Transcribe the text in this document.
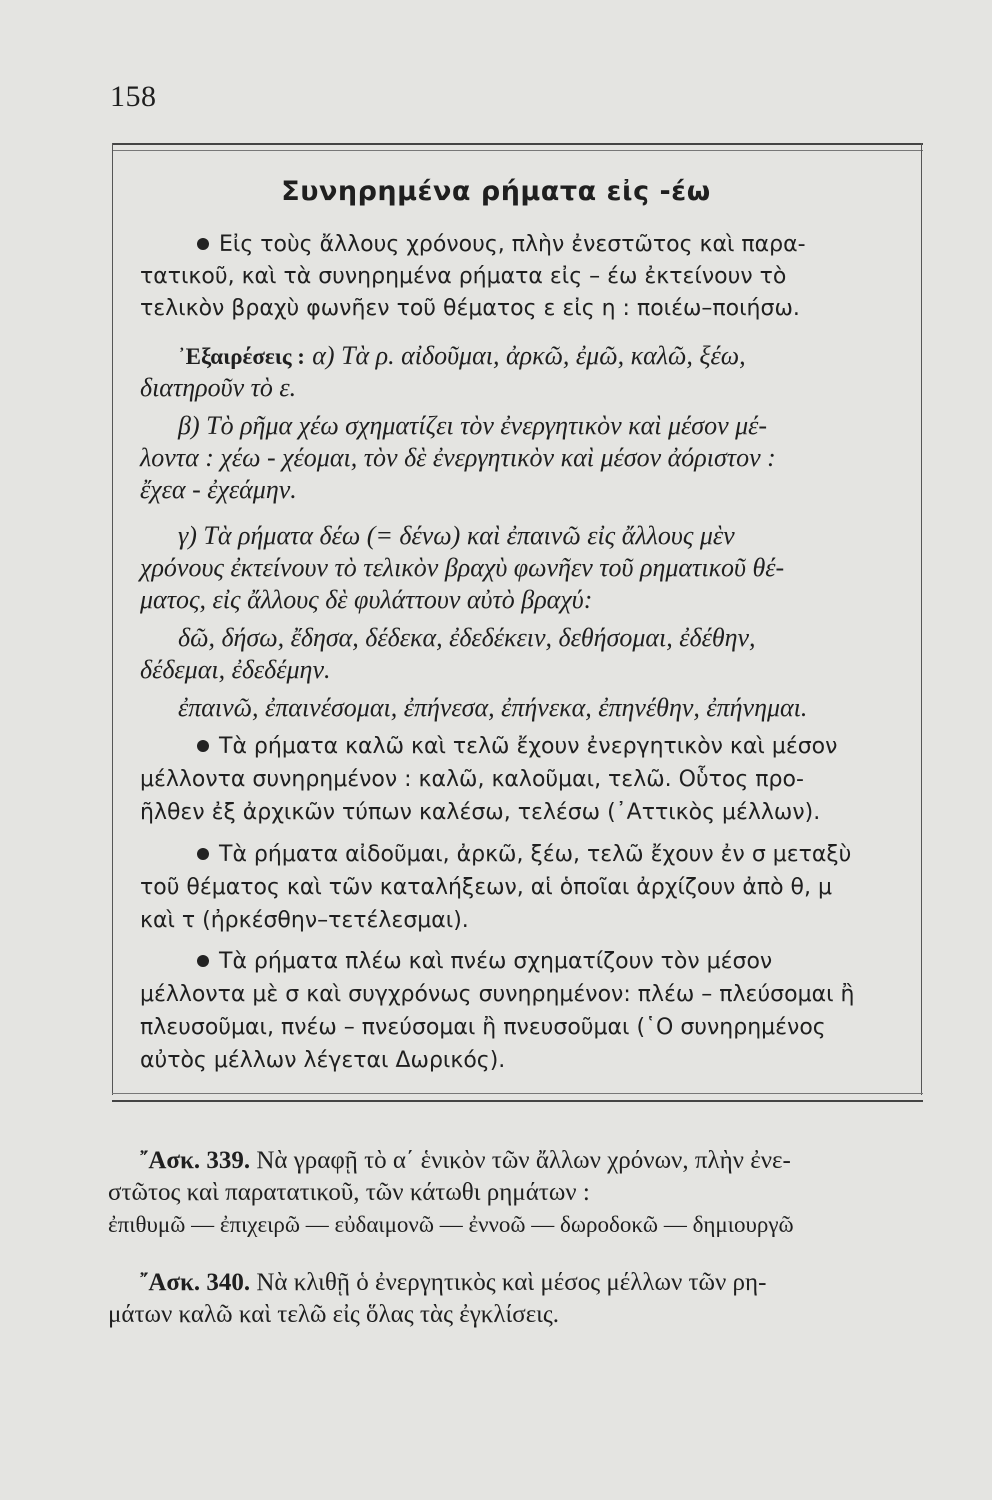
158
Συνηρημένα ρήματα εἰς -έω
Εἰς τοὺς ἄλλους χρόνους, πλὴν ἐνεστῶτος καὶ παρα-
τατικοῦ, καὶ τὰ συνηρημένα ρήματα εἰς – έω ἐκτείνουν τὸ
τελικὸν βραχὺ φωνῆεν τοῦ θέματος ε εἰς η : ποιέω–ποιήσω.
᾿Εξαιρέσεις : α) Τὰ ρ. αἰδοῦμαι, ἀρκῶ, ἐμῶ, καλῶ, ξέω,
διατηροῦν τὸ ε.
β) Τὸ ρῆμα χέω σχηματίζει τὸν ἐνεργητικὸν καὶ μέσον μέ-
λοντα : χέω - χέομαι, τὸν δὲ ἐνεργητικὸν καὶ μέσον ἀόριστον :
ἔχεα - ἐχεάμην.
γ) Τὰ ρήματα δέω (= δένω) καὶ ἐπαινῶ εἰς ἄλλους μὲν
χρόνους ἐκτείνουν τὸ τελικὸν βραχὺ φωνῆεν τοῦ ρηματικοῦ θέ-
ματος, εἰς ἄλλους δὲ φυλάττουν αὐτὸ βραχύ:
δῶ, δήσω, ἔδησα, δέδεκα, ἐδεδέκειν, δεθήσομαι, ἐδέθην,
δέδεμαι, ἐδεδέμην.
ἐπαινῶ, ἐπαινέσομαι, ἐπήνεσα, ἐπήνεκα, ἐπηνέθην, ἐπήνημαι.
Τὰ ρήματα καλῶ καὶ τελῶ ἔχουν ἐνεργητικὸν καὶ μέσον
μέλλοντα συνηρημένον : καλῶ, καλοῦμαι, τελῶ. Οὗτος προ-
ῆλθεν ἐξ ἀρχικῶν τύπων καλέσω, τελέσω (᾿Αττικὸς μέλλων).
Τὰ ρήματα αἰδοῦμαι, ἀρκῶ, ξέω, τελῶ ἔχουν ἐν σ μεταξὺ
τοῦ θέματος καὶ τῶν καταλήξεων, αἱ ὁποῖαι ἀρχίζουν ἀπὸ θ, μ
καὶ τ (ἠρκέσθην–τετέλεσμαι).
Τὰ ρήματα πλέω καὶ πνέω σχηματίζουν τὸν μέσον
μέλλοντα μὲ σ καὶ συγχρόνως συνηρημένον: πλέω – πλεύσομαι ἢ
πλευσοῦμαι, πνέω – πνεύσομαι ἢ πνευσοῦμαι (῾Ο συνηρημένος
αὐτὸς μέλλων λέγεται Δωρικός).
῎Ασκ. 339. Νὰ γραφῇ τὸ α΄ ἑνικὸν τῶν ἄλλων χρόνων, πλὴν ἐνε-
στῶτος καὶ παρατατικοῦ, τῶν κάτωθι ρημάτων :
ἐπιθυμῶ — ἐπιχειρῶ — εὐδαιμονῶ — ἐννοῶ — δωροδοκῶ — δημιουργῶ
῎Ασκ. 340. Νὰ κλιθῇ ὁ ἐνεργητικὸς καὶ μέσος μέλλων τῶν ρη-
μάτων καλῶ καὶ τελῶ εἰς ὅλας τὰς ἐγκλίσεις.
